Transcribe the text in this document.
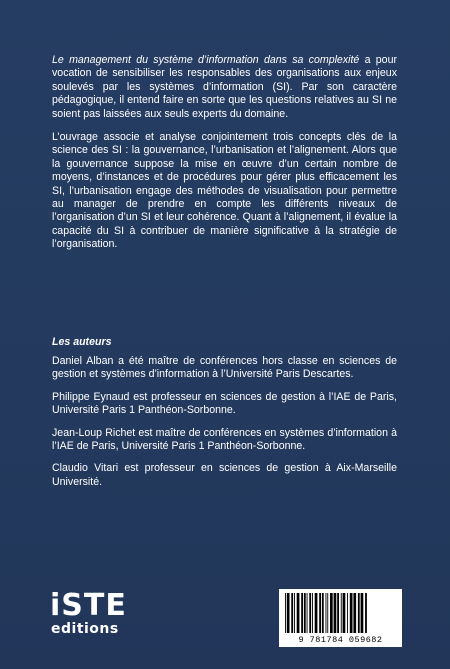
Le management du système d’information dans sa complexité a pour vocation de sensibiliser les responsables des organisations aux enjeux soulevés par les systèmes d’information (SI). Par son caractère pédagogique, il entend faire en sorte que les questions relatives au SI ne soient pas laissées aux seuls experts du domaine.

L’ouvrage associe et analyse conjointement trois concepts clés de la science des SI : la gouvernance, l’urbanisation et l’alignement. Alors que la gouvernance suppose la mise en œuvre d’un certain nombre de moyens, d’instances et de procédures pour gérer plus efficacement les SI, l’urbanisation engage des méthodes de visualisation pour permettre au manager de prendre en compte les différents niveaux de l’organisation d’un SI et leur cohérence. Quant à l’alignement, il évalue la capacité du SI à contribuer de manière significative à la stratégie de l’organisation.

Les auteurs

Daniel Alban a été maître de conférences hors classe en sciences de gestion et systèmes d’information à l’Université Paris Descartes.

Philippe Eynaud est professeur en sciences de gestion à l’IAE de Paris, Université Paris 1 Panthéon-Sorbonne.

Jean-Loup Richet est maître de conférences en systèmes d’information à l’IAE de Paris, Université Paris 1 Panthéon-Sorbonne.

Claudio Vitari est professeur en sciences de gestion à Aix-Marseille Université.

iSTE
editions
9 781784 059682
